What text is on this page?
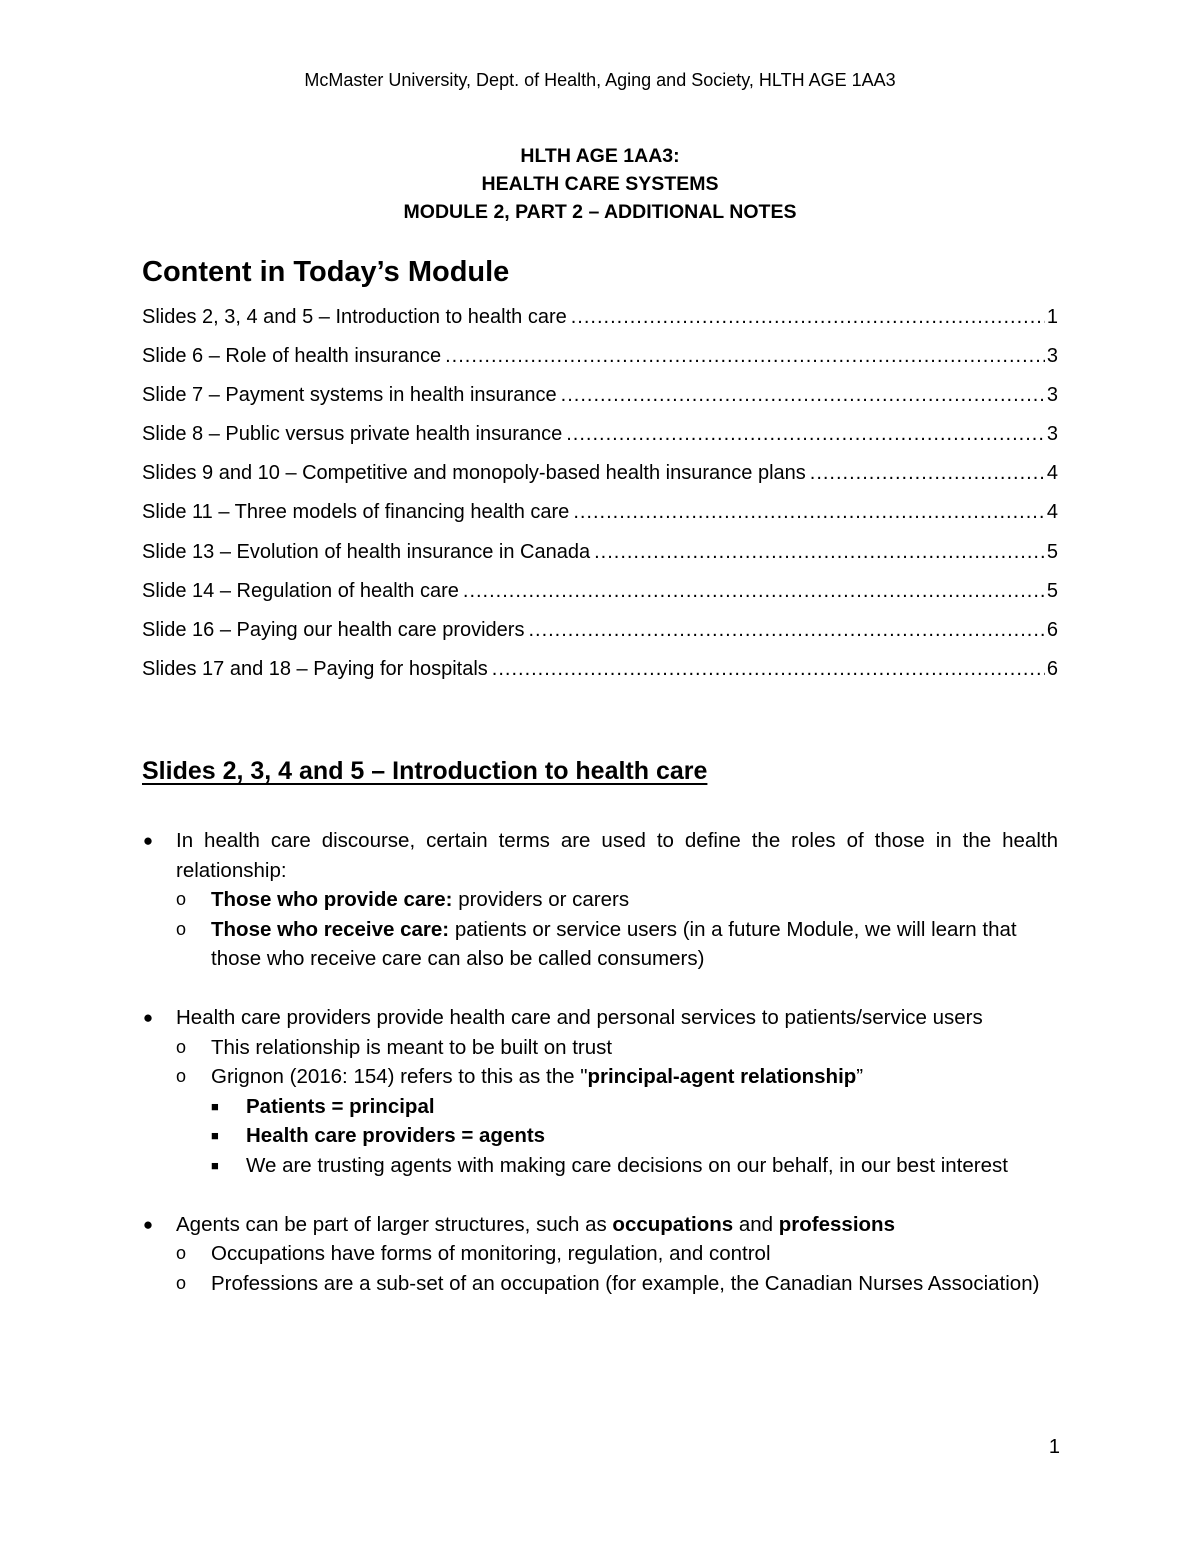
McMaster University, Dept. of Health, Aging and Society, HLTH AGE 1AA3
HLTH AGE 1AA3:
HEALTH CARE SYSTEMS
MODULE 2, PART 2 – ADDITIONAL NOTES
Content in Today’s Module
Slides 2, 3, 4 and 5 – Introduction to health care .....	1
Slide 6 – Role of health insurance .....	3
Slide 7 – Payment systems in health insurance .....	3
Slide 8 – Public versus private health insurance .....	3
Slides 9 and 10 – Competitive and monopoly-based health insurance plans .....	4
Slide 11 – Three models of financing health care .....	4
Slide 13 – Evolution of health insurance in Canada .....	5
Slide 14 – Regulation of health care .....	5
Slide 16 – Paying our health care providers .....	6
Slides 17 and 18 – Paying for hospitals .....	6
Slides 2, 3, 4 and 5 – Introduction to health care
● In health care discourse, certain terms are used to define the roles of those in the health relationship:
o Those who provide care: providers or carers
o Those who receive care: patients or service users (in a future Module, we will learn that those who receive care can also be called consumers)
● Health care providers provide health care and personal services to patients/service users
o This relationship is meant to be built on trust
o Grignon (2016: 154) refers to this as the "principal-agent relationship”
■ Patients = principal
■ Health care providers = agents
■ We are trusting agents with making care decisions on our behalf, in our best interest
● Agents can be part of larger structures, such as occupations and professions
o Occupations have forms of monitoring, regulation, and control
o Professions are a sub-set of an occupation (for example, the Canadian Nurses Association)
1
